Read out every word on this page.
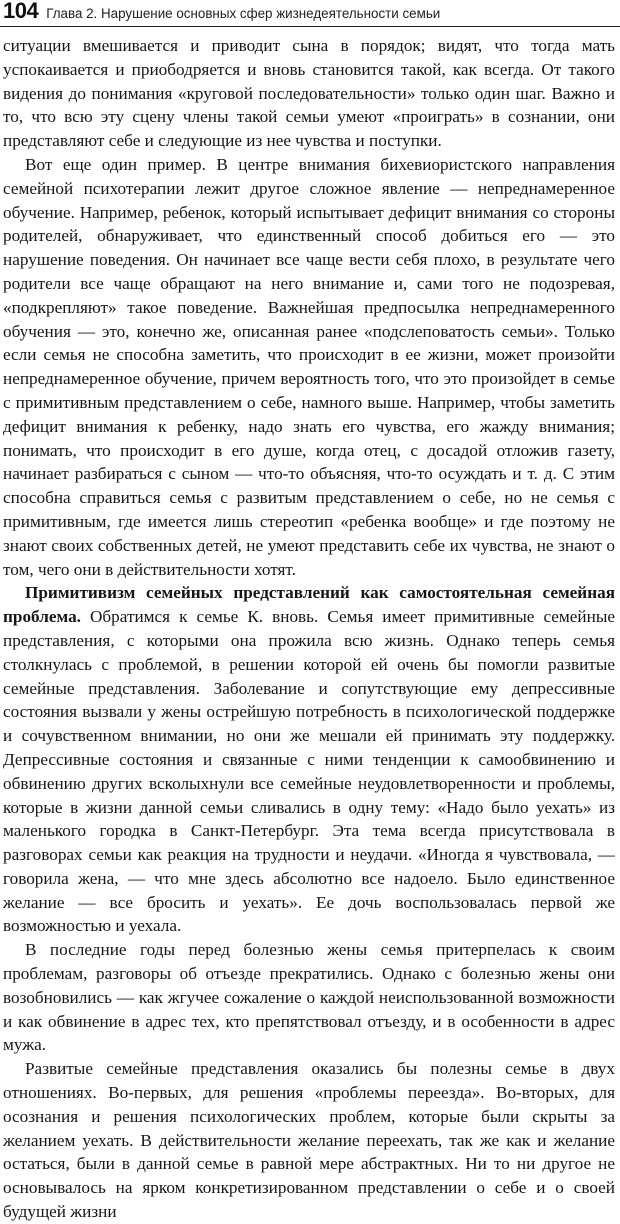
104 Глава 2. Нарушение основных сфер жизнедеятельности семьи

ситуации вмешивается и приводит сына в порядок; видят, что тогда мать успокаивается и приободряется и вновь становится такой, как всегда. От такого видения до понимания «круговой последовательности» только один шаг. Важно и то, что всю эту сцену члены такой семьи умеют «проиграть» в сознании, они представляют себе и следующие из нее чувства и поступки.

Вот еще один пример. В центре внимания бихевиористского направления семейной психотерапии лежит другое сложное явление — непреднамеренное обучение. Например, ребенок, который испытывает дефицит внимания со стороны родителей, обнаруживает, что единственный способ добиться его — это нарушение поведения. Он начинает все чаще вести себя плохо, в результате чего родители все чаще обращают на него внимание и, сами того не подозревая, «подкрепляют» такое поведение. Важнейшая предпосылка непреднамеренного обучения — это, конечно же, описанная ранее «подслеповатость семьи». Только если семья не способна заметить, что происходит в ее жизни, может произойти непреднамеренное обучение, причем вероятность того, что это произойдет в семье с примитивным представлением о себе, намного выше. Например, чтобы заметить дефицит внимания к ребенку, надо знать его чувства, его жажду внимания; понимать, что происходит в его душе, когда отец, с досадой отложив газету, начинает разбираться с сыном — что-то объясняя, что-то осуждать и т. д. С этим способна справиться семья с развитым представлением о себе, но не семья с примитивным, где имеется лишь стереотип «ребенка вообще» и где поэтому не знают своих собственных детей, не умеют представить себе их чувства, не знают о том, чего они в действительности хотят.

Примитивизм семейных представлений как самостоятельная семейная проблема. Обратимся к семье К. вновь. Семья имеет примитивные семейные представления, с которыми она прожила всю жизнь. Однако теперь семья столкнулась с проблемой, в решении которой ей очень бы помогли развитые семейные представления. Заболевание и сопутствующие ему депрессивные состояния вызвали у жены острейшую потребность в психологической поддержке и сочувственном внимании, но они же мешали ей принимать эту поддержку. Депрессивные состояния и связанные с ними тенденции к самообвинению и обвинению других всколыхнули все семейные неудовлетворенности и проблемы, которые в жизни данной семьи сливались в одну тему: «Надо было уехать» из маленького городка в Санкт-Петербург. Эта тема всегда присутствовала в разговорах семьи как реакция на трудности и неудачи. «Иногда я чувствовала, — говорила жена, — что мне здесь абсолютно все надоело. Было единственное желание — все бросить и уехать». Ее дочь воспользовалась первой же возможностью и уехала.

В последние годы перед болезнью жены семья притерпелась к своим проблемам, разговоры об отъезде прекратились. Однако с болезнью жены они возобновились — как жгучее сожаление о каждой неиспользованной возможности и как обвинение в адрес тех, кто препятствовал отъезду, и в особенности в адрес мужа.

Развитые семейные представления оказались бы полезны семье в двух отношениях. Во-первых, для решения «проблемы переезда». Во-вторых, для осознания и решения психологических проблем, которые были скрыты за желанием уехать. В действительности желание переехать, так же как и желание остаться, были в данной семье в равной мере абстрактных. Ни то ни другое не основывалось на ярком конкретизированном представлении о себе и о своей будущей жизни
